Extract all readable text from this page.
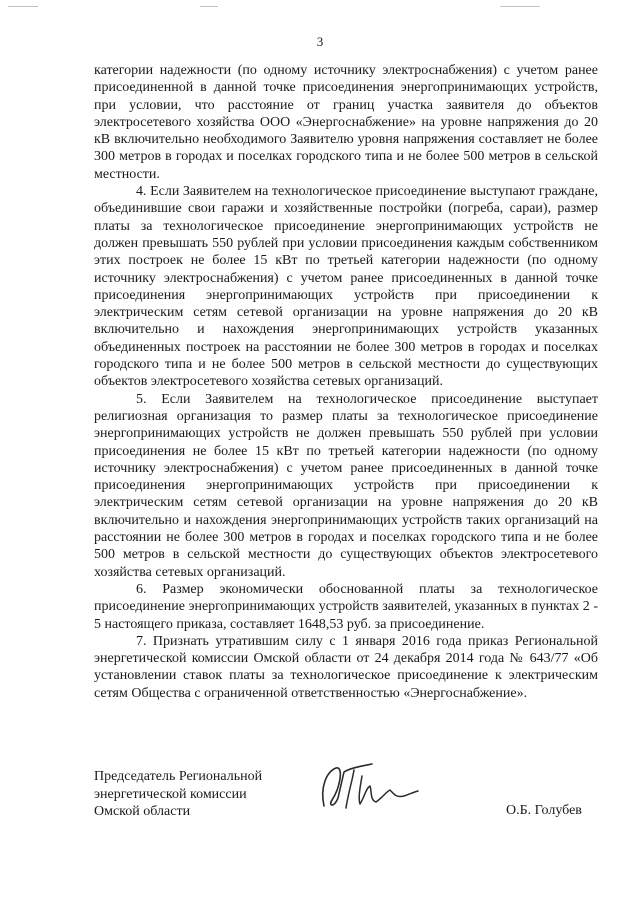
3

категории надежности (по одному источнику электроснабжения) с учетом ранее присоединенной в данной точке присоединения энергопринимающих устройств, при условии, что расстояние от границ участка заявителя до объектов электросетевого хозяйства ООО «Энергоснабжение» на уровне напряжения до 20 кВ включительно необходимого Заявителю уровня напряжения составляет не более 300 метров в городах и поселках городского типа и не более 500 метров в сельской местности.

4. Если Заявителем на технологическое присоединение выступают граждане, объединившие свои гаражи и хозяйственные постройки (погреба, сараи), размер платы за технологическое присоединение энергопринимающих устройств не должен превышать 550 рублей при условии присоединения каждым собственником этих построек не более 15 кВт по третьей категории надежности (по одному источнику электроснабжения) с учетом ранее присоединенных в данной точке присоединения энергопринимающих устройств при присоединении к электрическим сетям сетевой организации на уровне напряжения до 20 кВ включительно и нахождения энергопринимающих устройств указанных объединенных построек на расстоянии не более 300 метров в городах и поселках городского типа и не более 500 метров в сельской местности до существующих объектов электросетевого хозяйства сетевых организаций.

5. Если Заявителем на технологическое присоединение выступает религиозная организация то размер платы за технологическое присоединение энергопринимающих устройств не должен превышать 550 рублей при условии присоединения не более 15 кВт по третьей категории надежности (по одному источнику электроснабжения) с учетом ранее присоединенных в данной точке присоединения энергопринимающих устройств при присоединении к электрическим сетям сетевой организации на уровне напряжения до 20 кВ включительно и нахождения энергопринимающих устройств таких организаций на расстоянии не более 300 метров в городах и поселках городского типа и не более 500 метров в сельской местности до существующих объектов электросетевого хозяйства сетевых организаций.

6. Размер экономически обоснованной платы за технологическое присоединение энергопринимающих устройств заявителей, указанных в пунктах 2 - 5 настоящего приказа, составляет 1648,53 руб. за присоединение.

7. Признать утратившим силу с 1 января 2016 года приказ Региональной энергетической комиссии Омской области от 24 декабря 2014 года № 643/77 «Об установлении ставок платы за технологическое присоединение к электрическим сетям Общества с ограниченной ответственностью «Энергоснабжение».

Председатель Региональной
энергетической комиссии
Омской области	О.Б. Голубев
